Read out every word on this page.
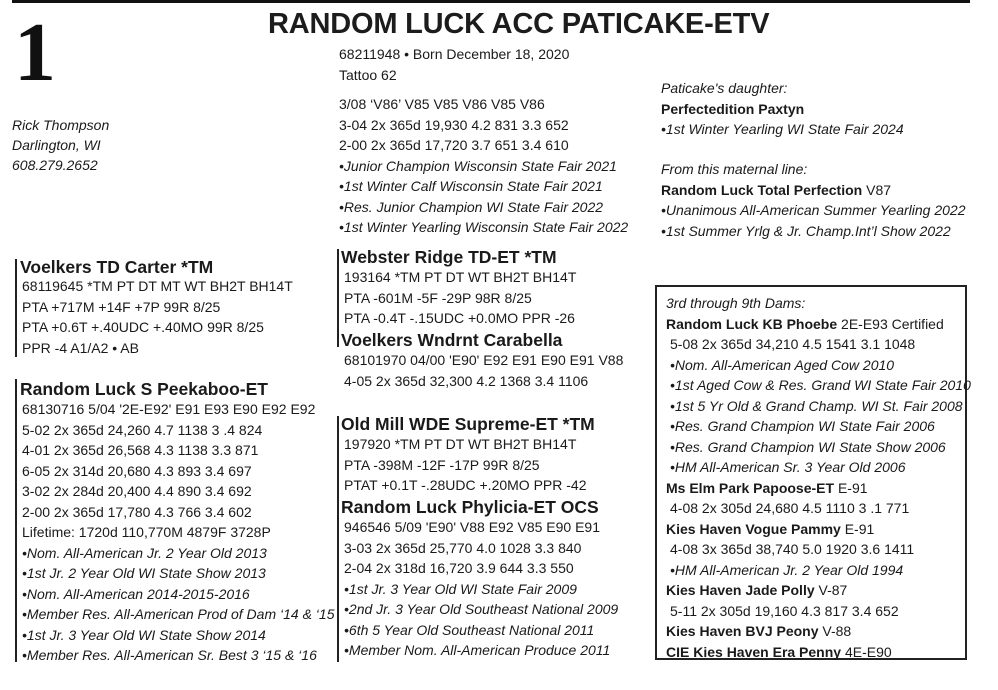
1	RANDOM LUCK ACC PATICAKE-ETV
68211948 • Born December 18, 2020
Tattoo 62
Rick Thompson
Darlington, WI
608.279.2652
3/08 ‘V86’ V85 V85 V86 V85 V86
3-04 2x 365d 19,930 4.2 831 3.3 652
2-00 2x 365d 17,720 3.7 651 3.4 610
•Junior Champion Wisconsin State Fair 2021
•1st Winter Calf Wisconsin State Fair 2021
•Res. Junior Champion WI State Fair 2022
•1st Winter Yearling Wisconsin State Fair 2022
Paticake's daughter:
Perfectedition Paxtyn
•1st Winter Yearling WI State Fair 2024
From this maternal line:
Random Luck Total Perfection V87
•Unanimous All-American Summer Yearling 2022
•1st Summer Yrlg & Jr. Champ.Int’l Show 2022
Voelkers TD Carter *TM
68119645 *TM PT DT MT WT BH2T BH14T
PTA +717M +14F +7P 99R 8/25
PTA +0.6T +.40UDC +.40MO 99R 8/25
PPR -4 A1/A2 • AB
Random Luck S Peekaboo-ET
68130716 5/04 '2E-E92' E91 E93 E90 E92 E92
5-02 2x 365d 24,260 4.7 1138 3 .4 824
4-01 2x 365d 26,568 4.3 1138 3.3 871
6-05 2x 314d 20,680 4.3 893 3.4 697
3-02 2x 284d 20,400 4.4 890 3.4 692
2-00 2x 365d 17,780 4.3 766 3.4 602
Lifetime: 1720d 110,770M 4879F 3728P
•Nom. All-American Jr. 2 Year Old 2013
•1st Jr. 2 Year Old WI State Show 2013
•Nom. All-American 2014-2015-2016
•Member Res. All-American Prod of Dam ‘14 & ‘15
•1st Jr. 3 Year Old WI State Show 2014
•Member Res. All-American Sr. Best 3 ‘15 & ‘16
Webster Ridge TD-ET *TM
193164 *TM PT DT WT BH2T BH14T
PTA -601M -5F -29P 98R 8/25
PTA -0.4T -.15UDC +0.0MO PPR -26
Voelkers Wndrnt Carabella
68101970 04/00 'E90' E92 E91 E90 E91 V88
4-05 2x 365d 32,300 4.2 1368 3.4 1106
Old Mill WDE Supreme-ET *TM
197920 *TM PT DT WT BH2T BH14T
PTA -398M -12F -17P 99R 8/25
PTAT +0.1T -.28UDC +.20MO PPR -42
Random Luck Phylicia-ET OCS
946546 5/09 'E90' V88 E92 V85 E90 E91
3-03 2x 365d 25,770 4.0 1028 3.3 840
2-04 2x 318d 16,720 3.9 644 3.3 550
•1st Jr. 3 Year Old WI State Fair 2009
•2nd Jr. 3 Year Old Southeast National 2009
•6th 5 Year Old Southeast National 2011
•Member Nom. All-American Produce 2011
3rd through 9th Dams:
Random Luck KB Phoebe 2E-E93 Certified
5-08 2x 365d 34,210 4.5 1541 3.1 1048
•Nom. All-American Aged Cow 2010
•1st Aged Cow & Res. Grand WI State Fair 2010
•1st 5 Yr Old & Grand Champ. WI St. Fair 2008
•Res. Grand Champion WI State Fair 2006
•Res. Grand Champion WI State Show 2006
•HM All-American Sr. 3 Year Old 2006
Ms Elm Park Papoose-ET E-91
4-08 2x 305d 24,680 4.5 1110 3 .1 771
Kies Haven Vogue Pammy E-91
4-08 3x 365d 38,740 5.0 1920 3.6 1411
•HM All-American Jr. 2 Year Old 1994
Kies Haven Jade Polly V-87
5-11 2x 305d 19,160 4.3 817 3.4 652
Kies Haven BVJ Peony V-88
CIE Kies Haven Era Penny 4E-E90
